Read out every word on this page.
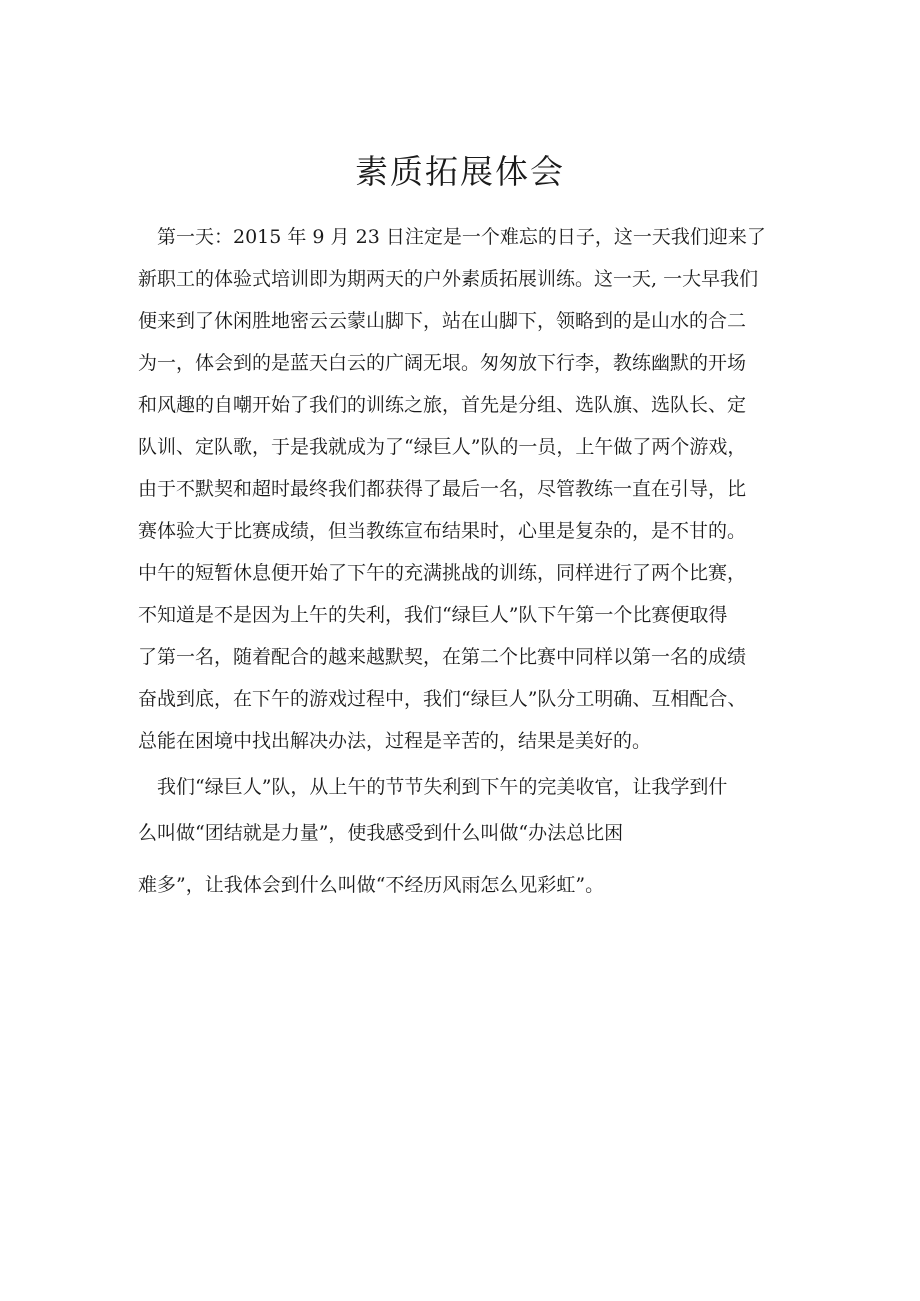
素质拓展体会
　第一天：2015 年 9 月 23 日注定是一个难忘的日子，这一天我们迎来了
新职工的体验式培训即为期两天的户外素质拓展训练。这一天, 一大早我们
便来到了休闲胜地密云云蒙山脚下，站在山脚下，领略到的是山水的合二
为一，体会到的是蓝天白云的广阔无垠。匆匆放下行李，教练幽默的开场
和风趣的自嘲开始了我们的训练之旅，首先是分组、选队旗、选队长、定
队训、定队歌，于是我就成为了“绿巨人”队的一员，上午做了两个游戏，
由于不默契和超时最终我们都获得了最后一名，尽管教练一直在引导，比
赛体验大于比赛成绩，但当教练宣布结果时，心里是复杂的，是不甘的。
中午的短暂休息便开始了下午的充满挑战的训练，同样进行了两个比赛，
不知道是不是因为上午的失利，我们“绿巨人”队下午第一个比赛便取得
了第一名，随着配合的越来越默契，在第二个比赛中同样以第一名的成绩
奋战到底，在下午的游戏过程中，我们“绿巨人”队分工明确、互相配合、
总能在困境中找出解决办法，过程是辛苦的，结果是美好的。
　我们“绿巨人”队，从上午的节节失利到下午的完美收官，让我学到什
么叫做“团结就是力量”，使我感受到什么叫做“办法总比困
难多”，让我体会到什么叫做“不经历风雨怎么见彩虹”。
